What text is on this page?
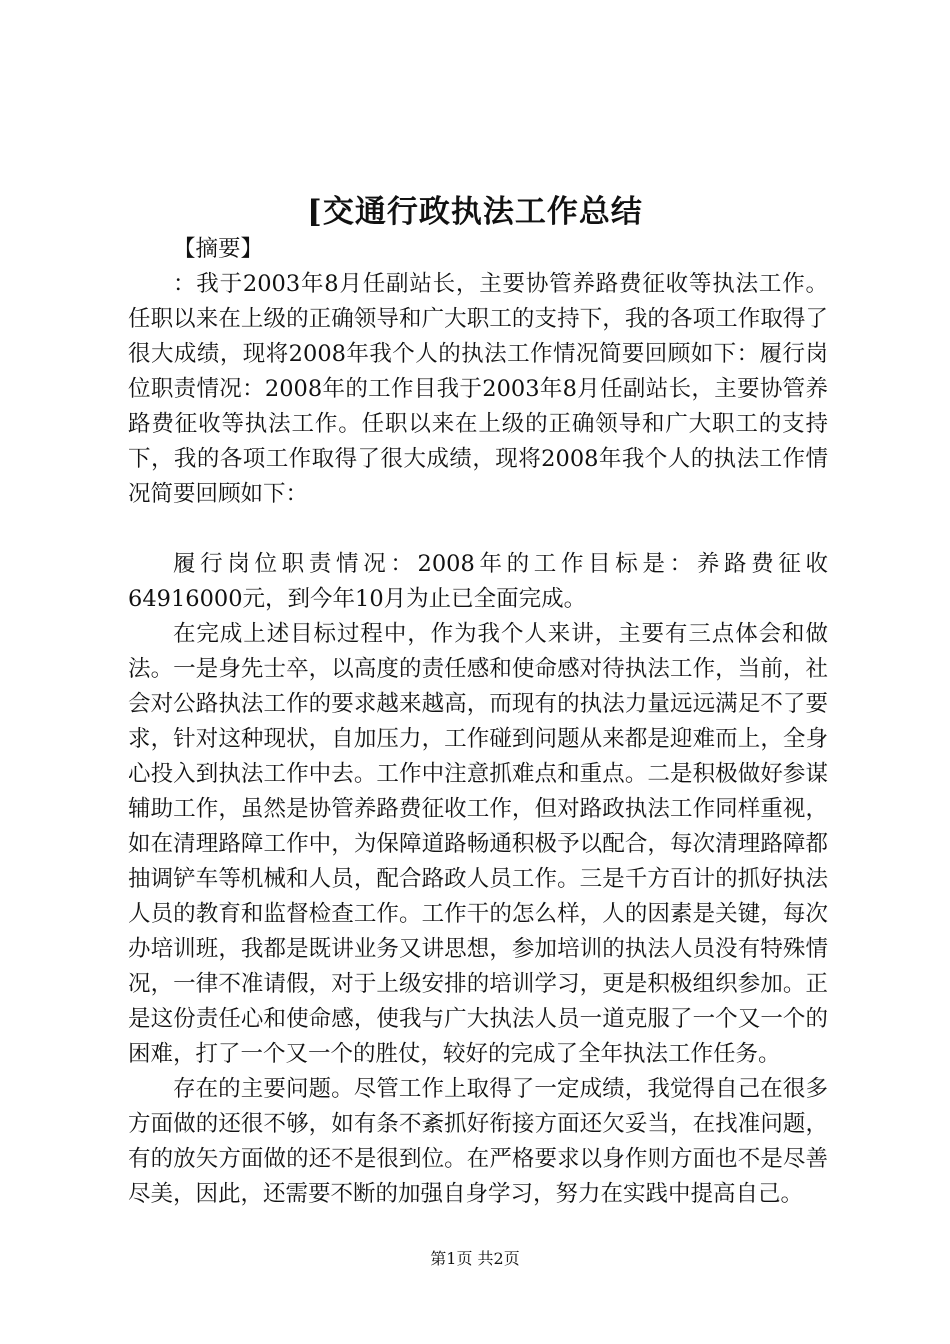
[交通行政执法工作总结

【摘要】

：我于2003年8月任副站长，主要协管养路费征收等执法工作。任职以来在上级的正确领导和广大职工的支持下，我的各项工作取得了很大成绩，现将2008年我个人的执法工作情况简要回顾如下：履行岗位职责情况：2008年的工作目我于2003年8月任副站长，主要协管养路费征收等执法工作。任职以来在上级的正确领导和广大职工的支持下，我的各项工作取得了很大成绩，现将2008年我个人的执法工作情况简要回顾如下：

履行岗位职责情况：2008年的工作目标是：养路费征收64916000元，到今年10月为止已全面完成。

在完成上述目标过程中，作为我个人来讲，主要有三点体会和做法。一是身先士卒，以高度的责任感和使命感对待执法工作，当前，社会对公路执法工作的要求越来越高，而现有的执法力量远远满足不了要求，针对这种现状，自加压力，工作碰到问题从来都是迎难而上，全身心投入到执法工作中去。工作中注意抓难点和重点。二是积极做好参谋辅助工作，虽然是协管养路费征收工作，但对路政执法工作同样重视，如在清理路障工作中，为保障道路畅通积极予以配合，每次清理路障都抽调铲车等机械和人员，配合路政人员工作。三是千方百计的抓好执法人员的教育和监督检查工作。工作干的怎么样，人的因素是关键，每次办培训班，我都是既讲业务又讲思想，参加培训的执法人员没有特殊情况，一律不准请假，对于上级安排的培训学习，更是积极组织参加。正是这份责任心和使命感，使我与广大执法人员一道克服了一个又一个的困难，打了一个又一个的胜仗，较好的完成了全年执法工作任务。

存在的主要问题。尽管工作上取得了一定成绩，我觉得自己在很多方面做的还很不够，如有条不紊抓好衔接方面还欠妥当，在找准问题，有的放矢方面做的还不是很到位。在严格要求以身作则方面也不是尽善尽美，因此，还需要不断的加强自身学习，努力在实践中提高自己。

第1页 共2页
